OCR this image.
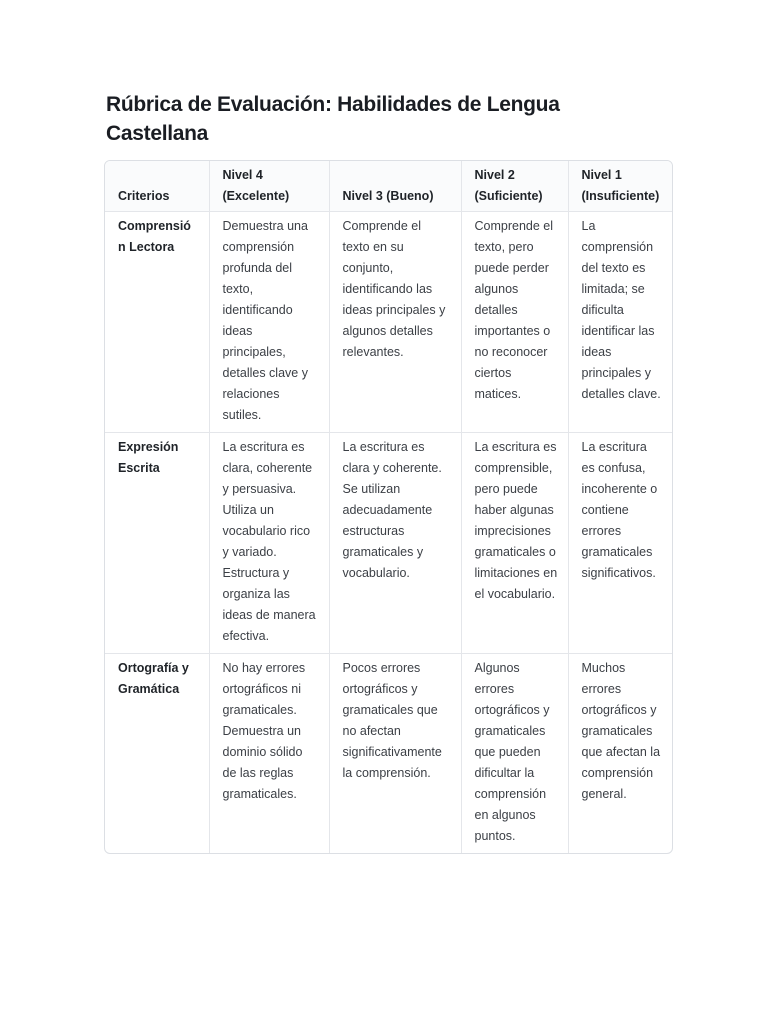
Rúbrica de Evaluación: Habilidades de Lengua Castellana
Criterios	Nivel 4 (Excelente)	Nivel 3 (Bueno)	Nivel 2 (Suficiente)	Nivel 1 (Insuficiente)
Comprensión Lectora	Demuestra una comprensión profunda del texto, identificando ideas principales, detalles clave y relaciones sutiles.	Comprende el texto en su conjunto, identificando las ideas principales y algunos detalles relevantes.	Comprende el texto, pero puede perder algunos detalles importantes o no reconocer ciertos matices.	La comprensión del texto es limitada; se dificulta identificar las ideas principales y detalles clave.
Expresión Escrita	La escritura es clara, coherente y persuasiva. Utiliza un vocabulario rico y variado. Estructura y organiza las ideas de manera efectiva.	La escritura es clara y coherente. Se utilizan adecuadamente estructuras gramaticales y vocabulario.	La escritura es comprensible, pero puede haber algunas imprecisiones gramaticales o limitaciones en el vocabulario.	La escritura es confusa, incoherente o contiene errores gramaticales significativos.
Ortografía y Gramática	No hay errores ortográficos ni gramaticales. Demuestra un dominio sólido de las reglas gramaticales.	Pocos errores ortográficos y gramaticales que no afectan significativamente la comprensión.	Algunos errores ortográficos y gramaticales que pueden dificultar la comprensión en algunos puntos.	Muchos errores ortográficos y gramaticales que afectan la comprensión general.
